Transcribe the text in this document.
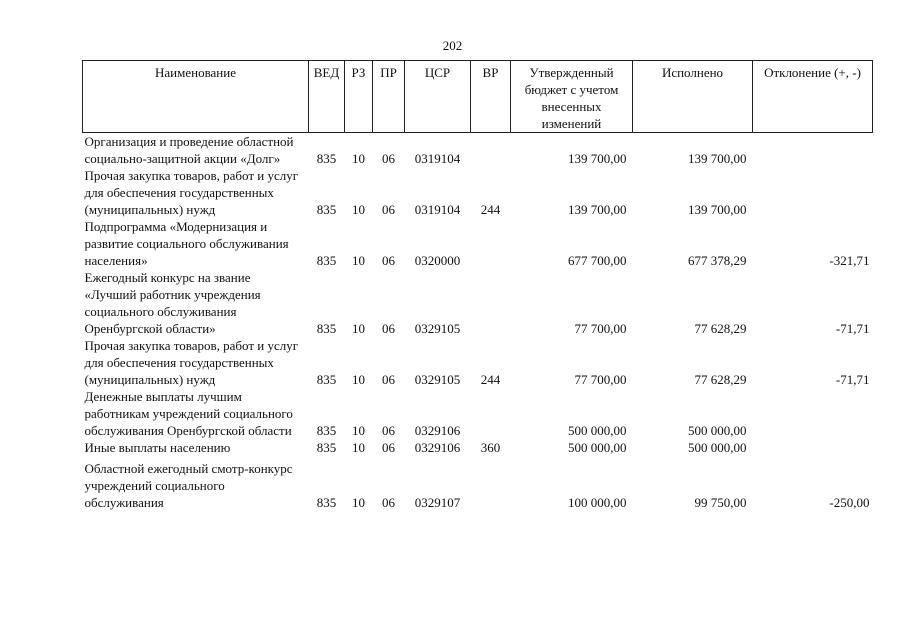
202
Наименование	ВЕД	РЗ	ПР	ЦСР	ВР	Утвержденный бюджет с учетом внесенных изменений	Исполнено	Отклонение (+, -)
Организация и проведение областной социально-защитной акции «Долг»	835	10	06	0319104		139 700,00	139 700,00	
Прочая закупка товаров, работ и услуг для обеспечения государственных (муниципальных) нужд	835	10	06	0319104	244	139 700,00	139 700,00	
Подпрограмма «Модернизация и развитие социального обслуживания населения»	835	10	06	0320000		677 700,00	677 378,29	-321,71
Ежегодный конкурс на звание «Лучший работник учреждения социального обслуживания Оренбургской области»	835	10	06	0329105		77 700,00	77 628,29	-71,71
Прочая закупка товаров, работ и услуг для обеспечения государственных (муниципальных) нужд	835	10	06	0329105	244	77 700,00	77 628,29	-71,71
Денежные выплаты лучшим работникам учреждений социального обслуживания Оренбургской области	835	10	06	0329106		500 000,00	500 000,00	
Иные выплаты населению	835	10	06	0329106	360	500 000,00	500 000,00	
Областной ежегодный смотр-конкурс учреждений социального обслуживания	835	10	06	0329107		100 000,00	99 750,00	-250,00
